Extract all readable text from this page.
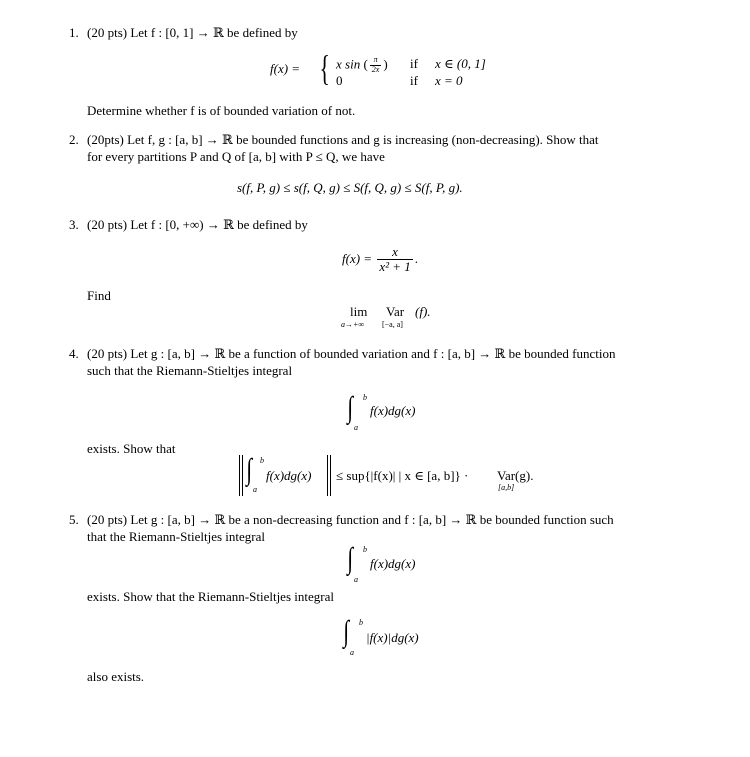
1. (20 pts) Let f : [0, 1] → ℝ be defined by
f(x) = { x sin ( $\frac{\pi}{2x}$ ) if x ∈ (0, 1]
0	if x = 0
Determine whether f is of bounded variation of not.
2. (20pts) Let f, g : [a, b] → ℝ be bounded functions and g is increasing (non-decreasing). Show that
for every partitions P and Q of [a, b] with P ≤ Q, we have
s(f, P, g) ≤ s(f, Q, g) ≤ S(f, Q, g) ≤ S(f, P, g).
3. (20 pts) Let f : [0, +∞) → ℝ be defined by
$f(x) = \frac{x}{\text{x² + 1}}$ .
Find
lim
a→+∞
Var
[−a, a]
(f).
4. (20 pts) Let g : [a, b] → ℝ be a function of bounded variation and f : [a, b] → ℝ be bounded function
such that the Riemann-Stieltjes integral
∫ b
a
f(x)dg(x)
exists. Show that
∫ b
a
f(x)dg(x) ≤ sup{|f(x)| | x ∈ [a, b]} · Var(g).
[a,b]
5. (20 pts) Let g : [a, b] → ℝ be a non-decreasing function and f : [a, b] → ℝ be bounded function such
that the Riemann-Stieltjes integral
∫ b
a
f(x)dg(x)
exists. Show that the Riemann-Stieltjes integral
∫ b
a
|f(x)|dg(x)
also exists.
